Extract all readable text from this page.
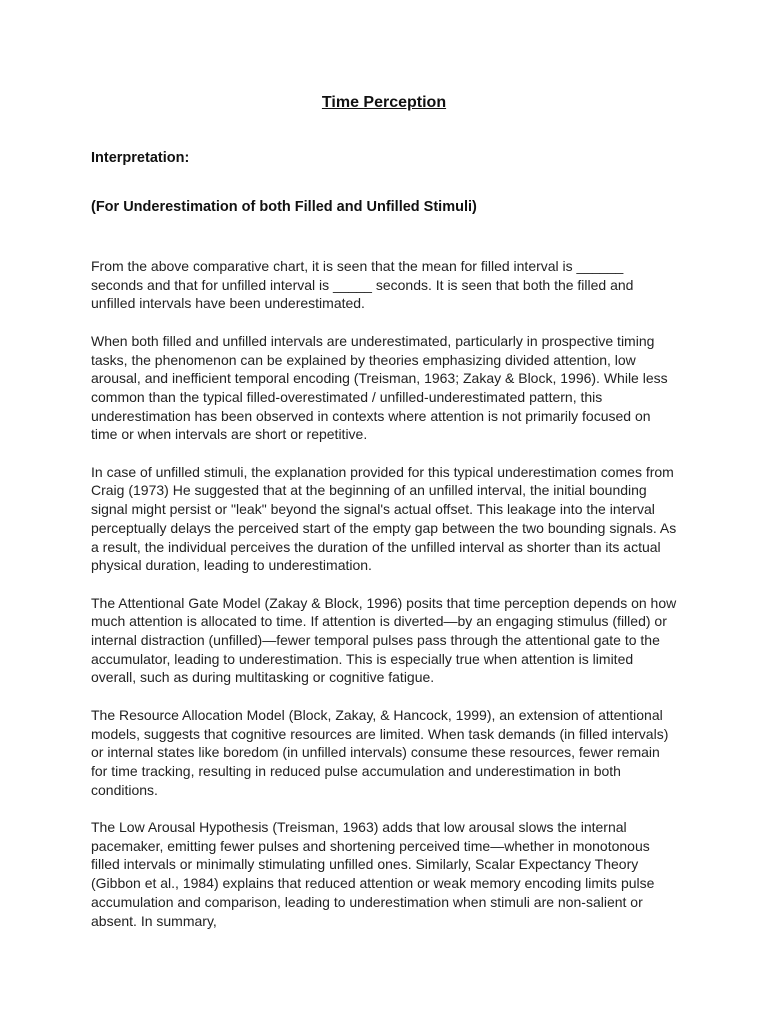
Time Perception
Interpretation:
(For Underestimation of both Filled and Unfilled Stimuli)

From the above comparative chart, it is seen that the mean for filled interval is ______ seconds and that for unfilled interval is _____ seconds. It is seen that both the filled and unfilled intervals have been underestimated.

When both filled and unfilled intervals are underestimated, particularly in prospective timing tasks, the phenomenon can be explained by theories emphasizing divided attention, low arousal, and inefficient temporal encoding (Treisman, 1963; Zakay & Block, 1996). While less common than the typical filled-overestimated / unfilled-underestimated pattern, this underestimation has been observed in contexts where attention is not primarily focused on time or when intervals are short or repetitive.

In case of unfilled stimuli, the explanation provided for this typical underestimation comes from Craig (1973) He suggested that at the beginning of an unfilled interval, the initial bounding signal might persist or "leak" beyond the signal's actual offset. This leakage into the interval perceptually delays the perceived start of the empty gap between the two bounding signals. As a result, the individual perceives the duration of the unfilled interval as shorter than its actual physical duration, leading to underestimation.

The Attentional Gate Model (Zakay & Block, 1996) posits that time perception depends on how much attention is allocated to time. If attention is diverted—by an engaging stimulus (filled) or internal distraction (unfilled)—fewer temporal pulses pass through the attentional gate to the accumulator, leading to underestimation. This is especially true when attention is limited overall, such as during multitasking or cognitive fatigue.

The Resource Allocation Model (Block, Zakay, & Hancock, 1999), an extension of attentional models, suggests that cognitive resources are limited. When task demands (in filled intervals) or internal states like boredom (in unfilled intervals) consume these resources, fewer remain for time tracking, resulting in reduced pulse accumulation and underestimation in both conditions.

The Low Arousal Hypothesis (Treisman, 1963) adds that low arousal slows the internal pacemaker, emitting fewer pulses and shortening perceived time—whether in monotonous filled intervals or minimally stimulating unfilled ones. Similarly, Scalar Expectancy Theory (Gibbon et al., 1984) explains that reduced attention or weak memory encoding limits pulse accumulation and comparison, leading to underestimation when stimuli are non-salient or absent. In summary,
